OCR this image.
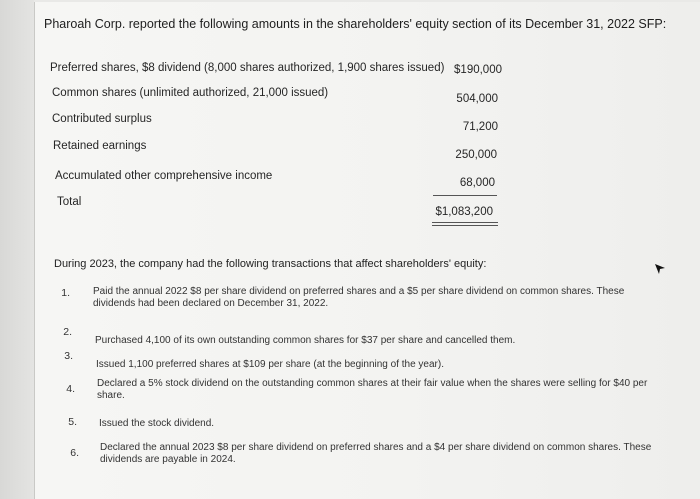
Pharoah Corp. reported the following amounts in the shareholders' equity section of its December 31, 2022 SFP:
Preferred shares, $8 dividend (8,000 shares authorized, 1,900 shares issued) $190,000
Common shares (unlimited authorized, 21,000 issued)	504,000
Contributed surplus
71,200
Retained earnings
250,000
Accumulated other comprehensive income
68,000
Total
$1,083,200
During 2023, the company had the following transactions that affect shareholders' equity:
1. Paid the annual 2022 $8 per share dividend on preferred shares and a $5 per share dividend on common shares. These dividends had been declared on December 31, 2022.
2.
Purchased 4,100 of its own outstanding common shares for $37 per share and cancelled them.
3.
Issued 1,100 preferred shares at $109 per share (at the beginning of the year).
4. Declared a 5% stock dividend on the outstanding common shares at their fair value when the shares were selling for $40 per share.
5. Issued the stock dividend.
6. Declared the annual 2023 $8 per share dividend on preferred shares and a $4 per share dividend on common shares. These dividends are payable in 2024.
